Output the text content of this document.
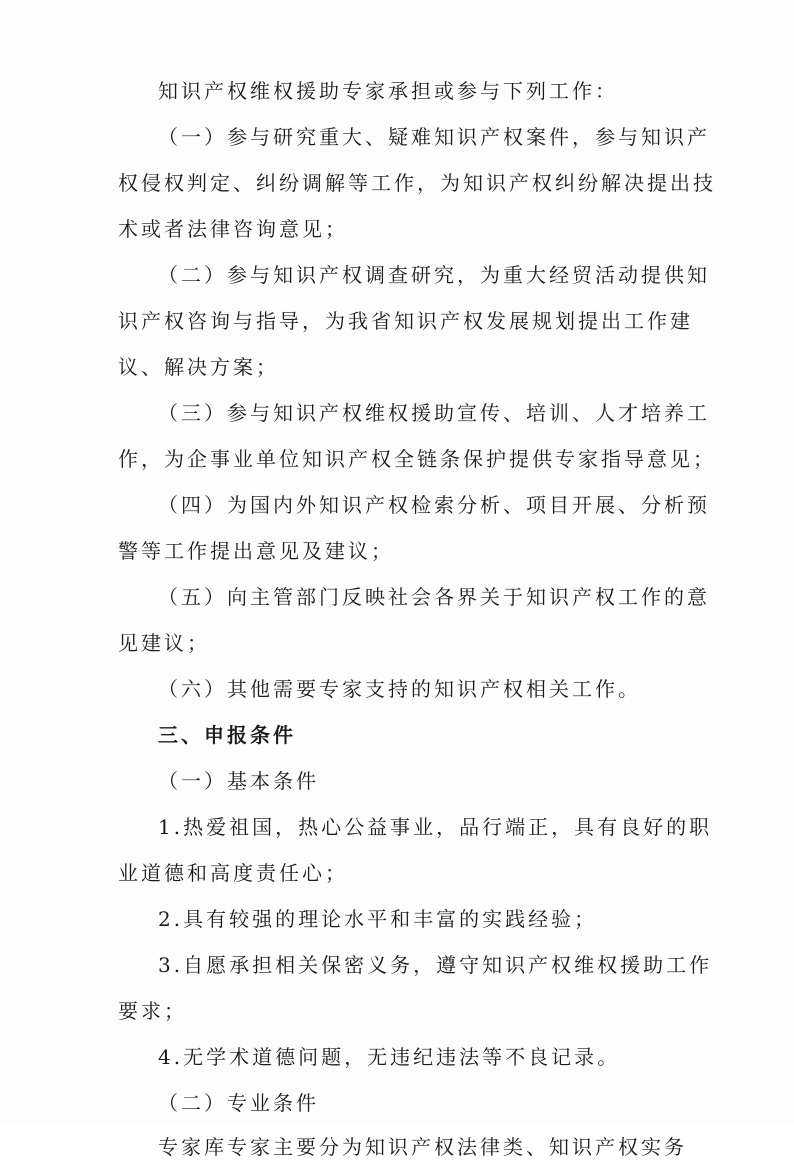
知识产权维权援助专家承担或参与下列工作：
（一）参与研究重大、疑难知识产权案件，参与知识产
权侵权判定、纠纷调解等工作，为知识产权纠纷解决提出技
术或者法律咨询意见；
（二）参与知识产权调查研究，为重大经贸活动提供知
识产权咨询与指导，为我省知识产权发展规划提出工作建
议、解决方案；
（三）参与知识产权维权援助宣传、培训、人才培养工
作，为企事业单位知识产权全链条保护提供专家指导意见；
（四）为国内外知识产权检索分析、项目开展、分析预
警等工作提出意见及建议；
（五）向主管部门反映社会各界关于知识产权工作的意
见建议；
（六）其他需要专家支持的知识产权相关工作。
三、申报条件
（一）基本条件
1.热爱祖国，热心公益事业，品行端正，具有良好的职
业道德和高度责任心；
2.具有较强的理论水平和丰富的实践经验；
3.自愿承担相关保密义务，遵守知识产权维权援助工作
要求；
4.无学术道德问题，无违纪违法等不良记录。
（二）专业条件
专家库专家主要分为知识产权法律类、知识产权实务
